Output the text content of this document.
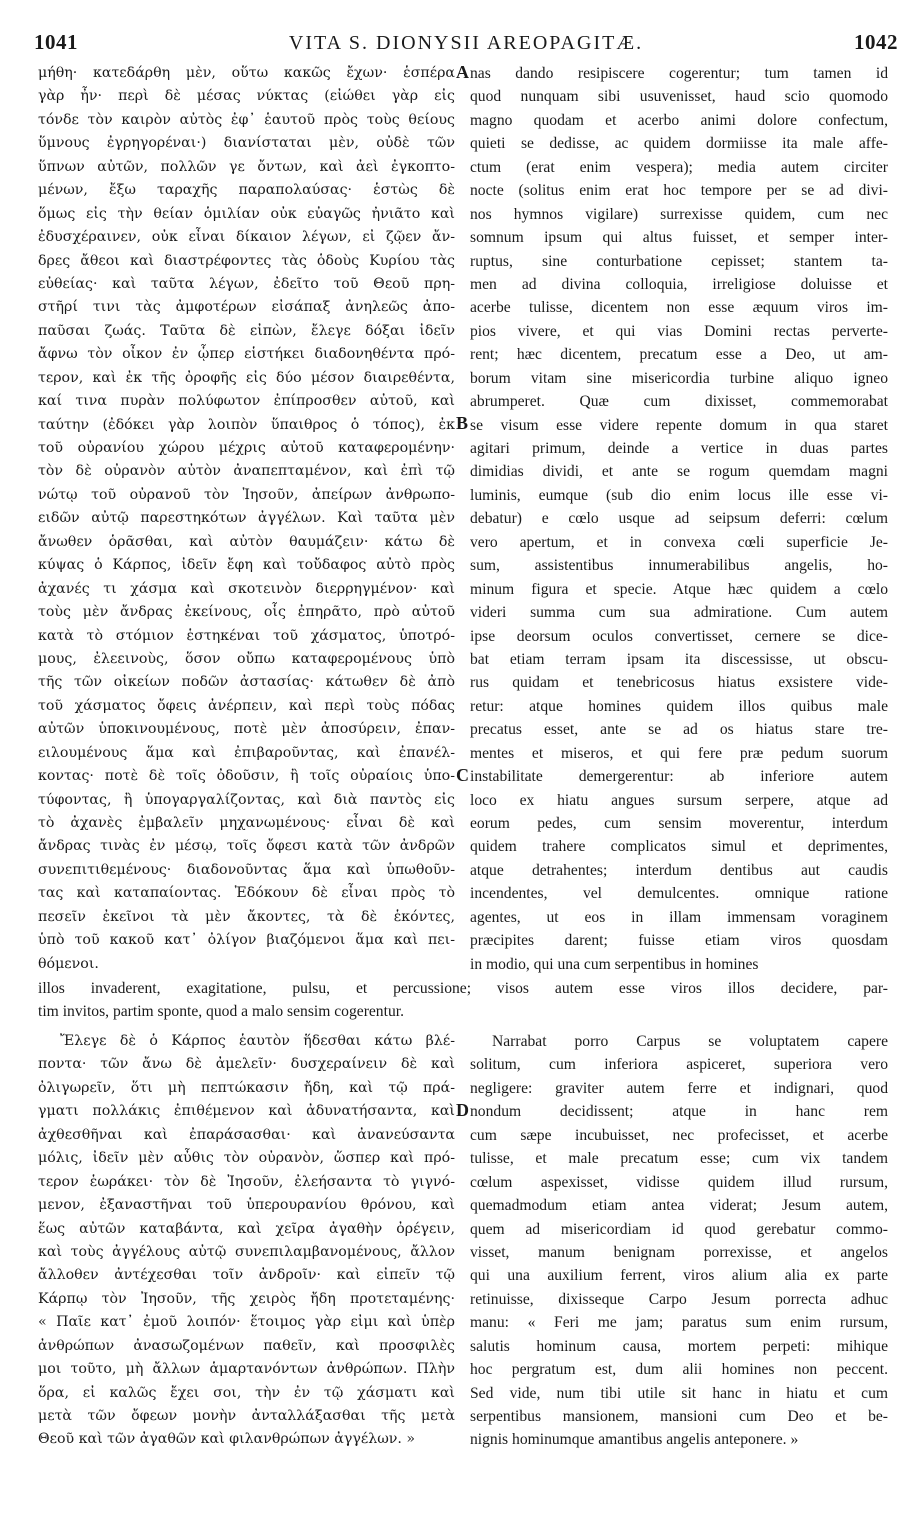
1041	VITA S. DIONYSII AREOPAGITÆ.	1042
A
B
C
D
μήθη· κατεδάρθη μὲν, οὕτω κακῶς ἔχων· ἑσπέρα
γὰρ ἦν· περὶ δὲ μέσας νύκτας (εἰώθει γὰρ εἰς
τόνδε τὸν καιρὸν αὐτὸς ἐφ᾽ ἑαυτοῦ πρὸς τοὺς θείους
ὕμνους ἐγρηγορέναι·) διανίσταται μὲν, οὐδὲ τῶν
ὕπνων αὐτῶν, πολλῶν γε ὄντων, καὶ ἀεὶ ἐγκοπτο-
μένων, ἔξω ταραχῆς παραπολαύσας· ἑστὼς δὲ
ὅμως εἰς τὴν θείαν ὁμιλίαν οὐκ εὐαγῶς ἠνιᾶτο καὶ
ἐδυσχέραινεν, οὐκ εἶναι δίκαιον λέγων, εἰ ζῷεν ἄν-
δρες ἄθεοι καὶ διαστρέφοντες τὰς ὁδοὺς Κυρίου τὰς
εὐθείας· καὶ ταῦτα λέγων, ἐδεῖτο τοῦ Θεοῦ πρη-
στῆρί τινι τὰς ἀμφοτέρων εἰσάπαξ ἀνηλεῶς ἀπο-
παῦσαι ζωάς. Ταῦτα δὲ εἰπὼν, ἔλεγε δόξαι ἰδεῖν
ἄφνω τὸν οἶκον ἐν ᾧπερ εἱστήκει διαδονηθέντα πρό-
τερον, καὶ ἐκ τῆς ὀροφῆς εἰς δύο μέσον διαιρεθέντα,
καί τινα πυρὰν πολύφωτον ἐπίπροσθεν αὐτοῦ, καὶ
ταύτην (ἐδόκει γὰρ λοιπὸν ὕπαιθρος ὁ τόπος), ἐκ
τοῦ οὐρανίου χώρου μέχρις αὐτοῦ καταφερομένην·
τὸν δὲ οὐρανὸν αὐτὸν ἀναπεπταμένον, καὶ ἐπὶ τῷ
νώτῳ τοῦ οὐρανοῦ τὸν Ἰησοῦν, ἀπείρων ἀνθρωπο-
ειδῶν αὐτῷ παρεστηκότων ἀγγέλων. Καὶ ταῦτα μὲν
ἄνωθεν ὁρᾶσθαι, καὶ αὐτὸν θαυμάζειν· κάτω δὲ
κύψας ὁ Κάρπος, ἰδεῖν ἔφη καὶ τοὔδαφος αὐτὸ πρὸς
ἀχανές τι χάσμα καὶ σκοτεινὸν διερρηγμένον· καὶ
τοὺς μὲν ἄνδρας ἐκείνους, οἷς ἐπηρᾶτο, πρὸ αὐτοῦ
κατὰ τὸ στόμιον ἑστηκέναι τοῦ χάσματος, ὑποτρό-
μους, ἐλεεινοὺς, ὅσον οὔπω καταφερομένους ὑπὸ
τῆς τῶν οἰκείων ποδῶν ἀστασίας· κάτωθεν δὲ ἀπὸ
τοῦ χάσματος ὄφεις ἀνέρπειν, καὶ περὶ τοὺς πόδας
αὐτῶν ὑποκινουμένους, ποτὲ μὲν ἀποσύρειν, ἐπαν-
ειλουμένους ἅμα καὶ ἐπιβαροῦντας, καὶ ἐπανέλ-
κοντας· ποτὲ δὲ τοῖς ὀδοῦσιν, ἢ τοῖς οὐραίοις ὑπο-
τύφοντας, ἢ ὑπογαργαλίζοντας, καὶ διὰ παντὸς εἰς
τὸ ἀχανὲς ἐμβαλεῖν μηχανωμένους· εἶναι δὲ καὶ
ἄνδρας τινὰς ἐν μέσῳ, τοῖς ὄφεσι κατὰ τῶν ἀνδρῶν
συνεπιτιθεμένους· διαδονοῦντας ἅμα καὶ ὑπωθοῦν-
τας καὶ καταπαίοντας. Ἐδόκουν δὲ εἶναι πρὸς τὸ
πεσεῖν ἐκεῖνοι τὰ μὲν ἄκοντες, τὰ δὲ ἑκόντες,
ὑπὸ τοῦ κακοῦ κατ᾽ ὀλίγον βιαζόμενοι ἅμα καὶ πει-
θόμενοι.
nas dando resipiscere cogerentur; tum tamen id
quod nunquam sibi usuvenisset, haud scio quomodo
magno quodam et acerbo animi dolore confectum,
quieti se dedisse, ac quidem dormiisse ita male affe-
ctum (erat enim vespera); media autem circiter
nocte (solitus enim erat hoc tempore per se ad divi-
nos hymnos vigilare) surrexisse quidem, cum nec
somnum ipsum qui altus fuisset, et semper inter-
ruptus, sine conturbatione cepisset; stantem ta-
men ad divina colloquia, irreligiose doluisse et
acerbe tulisse, dicentem non esse æquum viros im-
pios vivere, et qui vias Domini rectas perverte-
rent; hæc dicentem, precatum esse a Deo, ut am-
borum vitam sine misericordia turbine aliquo igneo
abrumperet. Quæ cum dixisset, commemorabat
se visum esse videre repente domum in qua staret
agitari primum, deinde a vertice in duas partes
dimidias dividi, et ante se rogum quemdam magni
luminis, eumque (sub dio enim locus ille esse vi-
debatur) e cœlo usque ad seipsum deferri: cœlum
vero apertum, et in convexa cœli superficie Je-
sum, assistentibus innumerabilibus angelis, ho-
minum figura et specie. Atque hæc quidem a cœlo
videri summa cum sua admiratione. Cum autem
ipse deorsum oculos convertisset, cernere se dice-
bat etiam terram ipsam ita discessisse, ut obscu-
rus quidam et tenebricosus hiatus exsistere vide-
retur: atque homines quidem illos quibus male
precatus esset, ante se ad os hiatus stare tre-
mentes et miseros, et qui fere præ pedum suorum
instabilitate demergerentur: ab inferiore autem
loco ex hiatu angues sursum serpere, atque ad
eorum pedes, cum sensim moverentur, interdum
quidem trahere complicatos simul et deprimentes,
atque detrahentes; interdum dentibus aut caudis
incendentes, vel demulcentes. omnique ratione
agentes, ut eos in illam immensam voraginem
præcipites darent; fuisse etiam viros quosdam
in modio, qui una cum serpentibus in homines
illos invaderent, exagitatione, pulsu, et percussione; visos autem esse viros illos decidere, par-
tim invitos, partim sponte, quod a malo sensim cogerentur.
Ἔλεγε δὲ ὁ Κάρπος ἑαυτὸν ἥδεσθαι κάτω βλέ-
ποντα· τῶν ἄνω δὲ ἀμελεῖν· δυσχεραίνειν δὲ καὶ
ὀλιγωρεῖν, ὅτι μὴ πεπτώκασιν ἤδη, καὶ τῷ πρά-
γματι πολλάκις ἐπιθέμενον καὶ ἀδυνατήσαντα, καὶ
ἀχθεσθῆναι καὶ ἐπαράσασθαι· καὶ ἀνανεύσαντα
μόλις, ἰδεῖν μὲν αὖθις τὸν οὐρανὸν, ὥσπερ καὶ πρό-
τερον ἑωράκει· τὸν δὲ Ἰησοῦν, ἐλεήσαντα τὸ γιγνό-
μενον, ἐξαναστῆναι τοῦ ὑπερουρανίου θρόνου, καὶ
ἕως αὐτῶν καταβάντα, καὶ χεῖρα ἀγαθὴν ὀρέγειν,
καὶ τοὺς ἀγγέλους αὐτῷ συνεπιλαμβανομένους, ἄλλον
ἄλλοθεν ἀντέχεσθαι τοῖν ἀνδροῖν· καὶ εἰπεῖν τῷ
Κάρπῳ τὸν Ἰησοῦν, τῆς χειρὸς ἤδη προτεταμένης·
« Παῖε κατ᾽ ἐμοῦ λοιπόν· ἕτοιμος γὰρ εἰμι καὶ ὑπὲρ
ἀνθρώπων ἀνασωζομένων παθεῖν, καὶ προσφιλὲς
μοι τοῦτο, μὴ ἄλλων ἁμαρτανόντων ἀνθρώπων. Πλὴν
ὅρα, εἰ καλῶς ἔχει σοι, τὴν ἐν τῷ χάσματι καὶ
μετὰ τῶν ὄφεων μονὴν ἀνταλλάξασθαι τῆς μετὰ
Θεοῦ καὶ τῶν ἀγαθῶν καὶ φιλανθρώπων ἀγγέλων. »
Narrabat porro Carpus se voluptatem capere
solitum, cum inferiora aspiceret, superiora vero
negligere: graviter autem ferre et indignari, quod
nondum decidissent; atque in hanc rem
cum sæpe incubuisset, nec profecisset, et acerbe
tulisse, et male precatum esse; cum vix tandem
cœlum aspexisset, vidisse quidem illud rursum,
quemadmodum etiam antea viderat; Jesum autem,
quem ad misericordiam id quod gerebatur commo-
visset, manum benignam porrexisse, et angelos
qui una auxilium ferrent, viros alium alia ex parte
retinuisse, dixisseque Carpo Jesum porrecta adhuc
manu: « Feri me jam; paratus sum enim rursum,
salutis hominum causa, mortem perpeti: mihique
hoc pergratum est, dum alii homines non peccent.
Sed vide, num tibi utile sit hanc in hiatu et cum
serpentibus mansionem, mansioni cum Deo et be-
nignis hominumque amantibus angelis anteponere. »
